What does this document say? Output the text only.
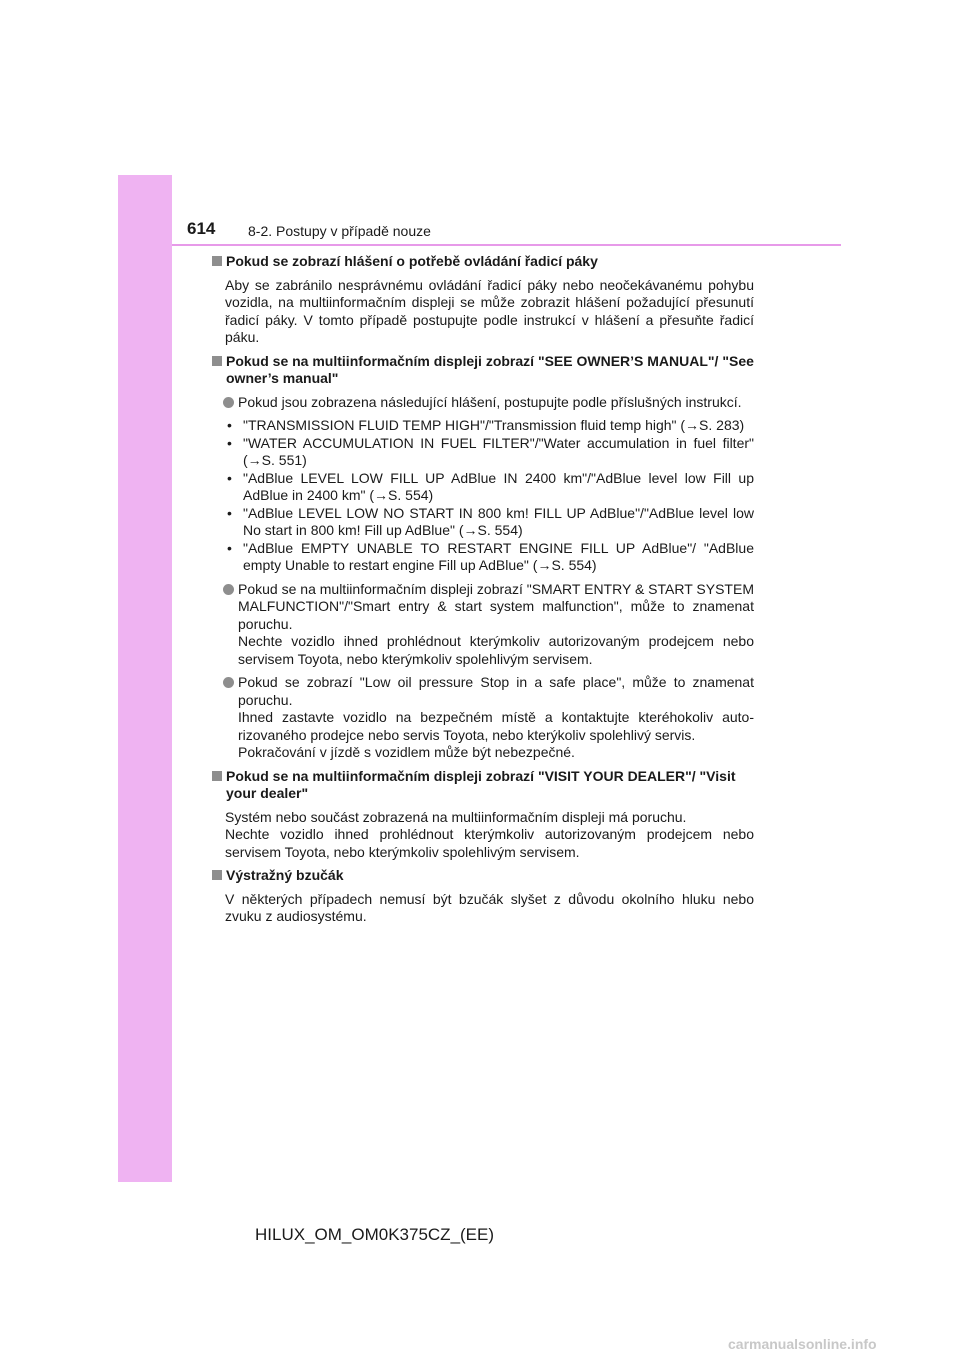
614 8-2. Postupy v případě nouze
Pokud se zobrazí hlášení o potřebě ovládání řadicí páky
Aby se zabránilo nesprávnému ovládání řadicí páky nebo neočekávanému pohybu vozidla, na multiinformačním displeji se může zobrazit hlášení požadující přesunutí řadicí páky. V tomto případě postupujte podle instrukcí v hlášení a přesuňte řadicí páku.
Pokud se na multiinformačním displeji zobrazí "SEE OWNER’S MANUAL"/ "See owner’s manual"
Pokud jsou zobrazena následující hlášení, postupujte podle příslušných instrukcí.
• "TRANSMISSION FLUID TEMP HIGH"/"Transmission fluid temp high" (→S. 283)
• "WATER ACCUMULATION IN FUEL FILTER"/"Water accumulation in fuel filter" (→S. 551)
• "AdBlue LEVEL LOW FILL UP AdBlue IN 2400 km"/"AdBlue level low Fill up AdBlue in 2400 km" (→S. 554)
• "AdBlue LEVEL LOW NO START IN 800 km! FILL UP AdBlue"/"AdBlue level low No start in 800 km! Fill up AdBlue" (→S. 554)
• "AdBlue EMPTY UNABLE TO RESTART ENGINE FILL UP AdBlue"/ "AdBlue empty Unable to restart engine Fill up AdBlue" (→S. 554)
Pokud se na multiinformačním displeji zobrazí "SMART ENTRY & START SYSTEM MALFUNCTION"/"Smart entry & start system malfunction", může to znamenat poruchu.
Nechte vozidlo ihned prohlédnout kterýmkoliv autorizovaným prodejcem nebo servisem Toyota, nebo kterýmkoliv spolehlivým servisem.
Pokud se zobrazí "Low oil pressure Stop in a safe place", může to znamenat poruchu.
Ihned zastavte vozidlo na bezpečném místě a kontaktujte kteréhokoliv autorizovaného prodejce nebo servis Toyota, nebo kterýkoliv spolehlivý servis.
Pokračování v jízdě s vozidlem může být nebezpečné.
Pokud se na multiinformačním displeji zobrazí "VISIT YOUR DEALER"/ "Visit your dealer"
Systém nebo součást zobrazená na multiinformačním displeji má poruchu.
Nechte vozidlo ihned prohlédnout kterýmkoliv autorizovaným prodejcem nebo servisem Toyota, nebo kterýmkoliv spolehlivým servisem.
Výstražný bzučák
V některých případech nemusí být bzučák slyšet z důvodu okolního hluku nebo zvuku z audiosystému.
HILUX_OM_OM0K375CZ_(EE)
carmanualsonline.info
